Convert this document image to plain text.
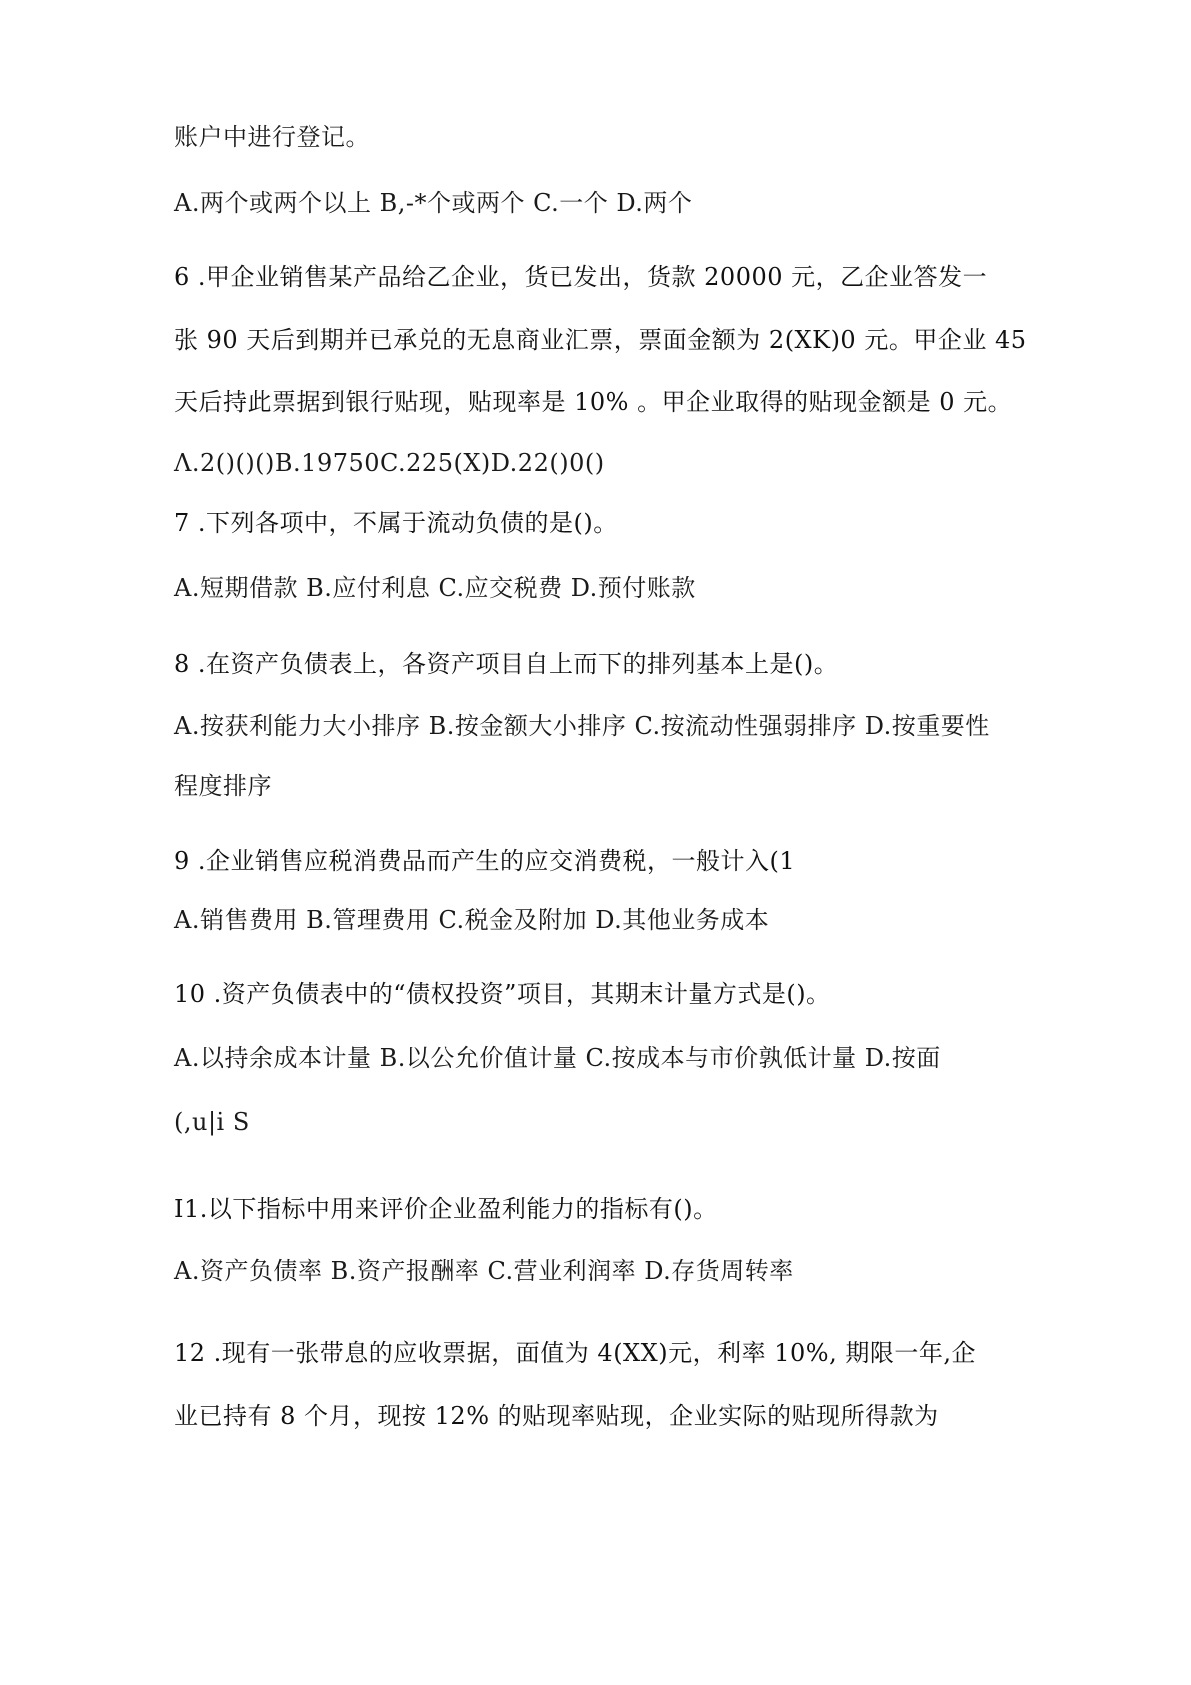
账户中进行登记。
A.两个或两个以上 B,-*个或两个 C.一个 D.两个
6 .甲企业销售某产品给乙企业，货已发出，货款 20000 元，乙企业答发一
张 90 天后到期并已承兑的无息商业汇票，票面金额为 2(XK)0 元。甲企业 45
天后持此票据到银行贴现，贴现率是 10% 。甲企业取得的贴现金额是 0 元。
Λ.2()()()B.19750C.225(X)D.22()0()
7 .下列各项中，不属于流动负债的是()。
A.短期借款 B.应付利息 C.应交税费 D.预付账款
8 .在资产负债表上，各资产项目自上而下的排列基本上是()。
A.按获利能力大小排序 B.按金额大小排序 C.按流动性强弱排序 D.按重要性
程度排序
9 .企业销售应税消费品而产生的应交消费税，一般计入(1
A.销售费用 B.管理费用 C.税金及附加 D.其他业务成本
10 .资产负债表中的“债权投资”项目，其期末计量方式是()。
A.以持余成本计量 B.以公允价值计量 C.按成本与市价孰低计量 D.按面
(,u|i S
I1.以下指标中用来评价企业盈利能力的指标有()。
A.资产负债率 B.资产报酬率 C.营业利润率 D.存货周转率
12 .现有一张带息的应收票据，面值为 4(XX)元，利率 10%, 期限一年,企
业已持有 8 个月，现按 12% 的贴现率贴现，企业实际的贴现所得款为
